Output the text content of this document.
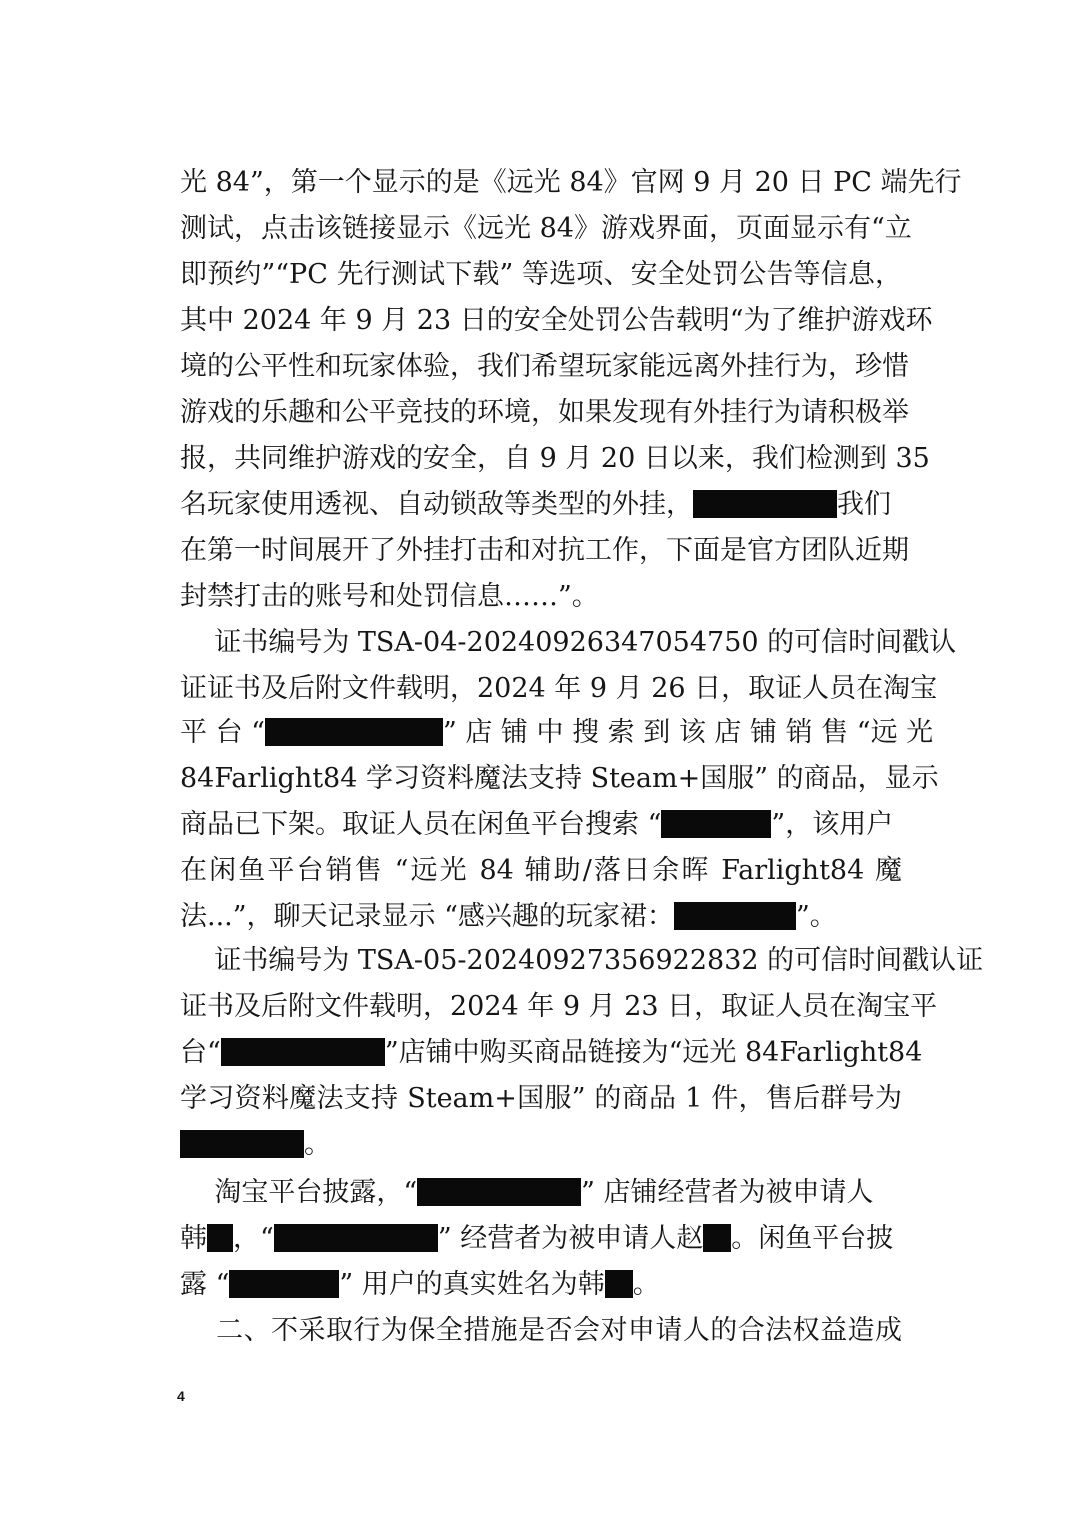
光 84”，第一个显示的是《远光 84》官网 9 月 20 日 PC 端先行
测试，点击该链接显示《远光 84》游戏界面，页面显示有“立
即预约”“PC 先行测试下载” 等选项、安全处罚公告等信息，
其中 2024 年 9 月 23 日的安全处罚公告载明“为了维护游戏环
境的公平性和玩家体验，我们希望玩家能远离外挂行为，珍惜
游戏的乐趣和公平竞技的环境，如果发现有外挂行为请积极举
报，共同维护游戏的安全，自 9 月 20 日以来，我们检测到 35
名玩家使用透视、自动锁敌等类型的外挂，	我们
在第一时间展开了外挂打击和对抗工作，下面是官方团队近期
封禁打击的账号和处罚信息……”。
证书编号为 TSA-04-20240926347054750 的可信时间戳认
证证书及后附文件载明，2024 年 9 月 26 日，取证人员在淘宝
平 台 “	” 店 铺 中 搜 索 到 该 店 铺 销 售 “远 光
84Farlight84 学习资料魔法支持 Steam+国服” 的商品，显示
商品已下架。取证人员在闲鱼平台搜索 “	”，该用户
在闲鱼平台销售 “远光 84 辅助/落日余晖 Farlight84 魔
法...”，聊天记录显示 “感兴趣的玩家裙：	”。
证书编号为 TSA-05-20240927356922832 的可信时间戳认证
证书及后附文件载明，2024 年 9 月 23 日，取证人员在淘宝平
台“	”店铺中购买商品链接为“远光 84Farlight84
学习资料魔法支持 Steam+国服” 的商品 1 件，售后群号为
。
淘宝平台披露，“	” 店铺经营者为被申请人
韩 ，“	” 经营者为被申请人赵 。闲鱼平台披
露 “	” 用户的真实姓名为韩 。
二、不采取行为保全措施是否会对申请人的合法权益造成
4
